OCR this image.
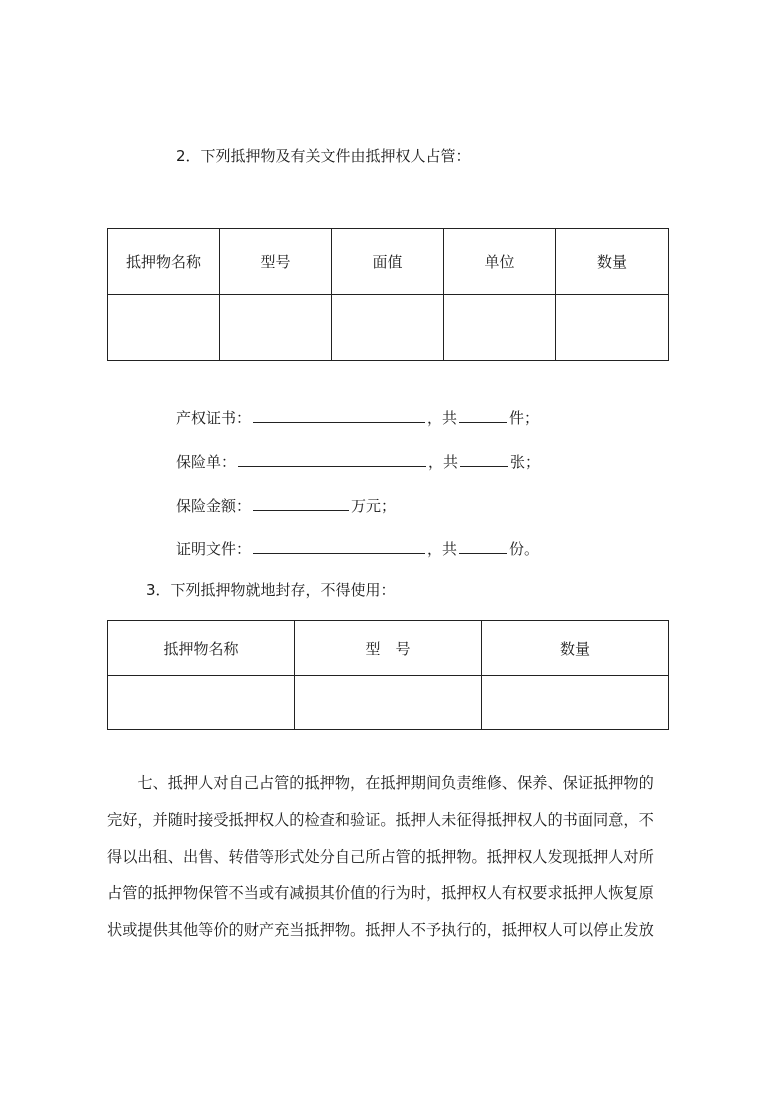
2．下列抵押物及有关文件由抵押权人占管：
抵押物名称	型号	面值	单位	数量

产权证书：	，共	件；
保险单：	，共	张；
保险金额：	万元；
证明文件：	，共	份。
3．下列抵押物就地封存，不得使用：
抵押物名称	型　号	数量

　　七、抵押人对自己占管的抵押物，在抵押期间负责维修、保养、保证抵押物的

完好，并随时接受抵押权人的检查和验证。抵押人未征得抵押权人的书面同意，不

得以出租、出售、转借等形式处分自己所占管的抵押物。抵押权人发现抵押人对所

占管的抵押物保管不当或有减损其价值的行为时，抵押权人有权要求抵押人恢复原

状或提供其他等价的财产充当抵押物。抵押人不予执行的，抵押权人可以停止发放
